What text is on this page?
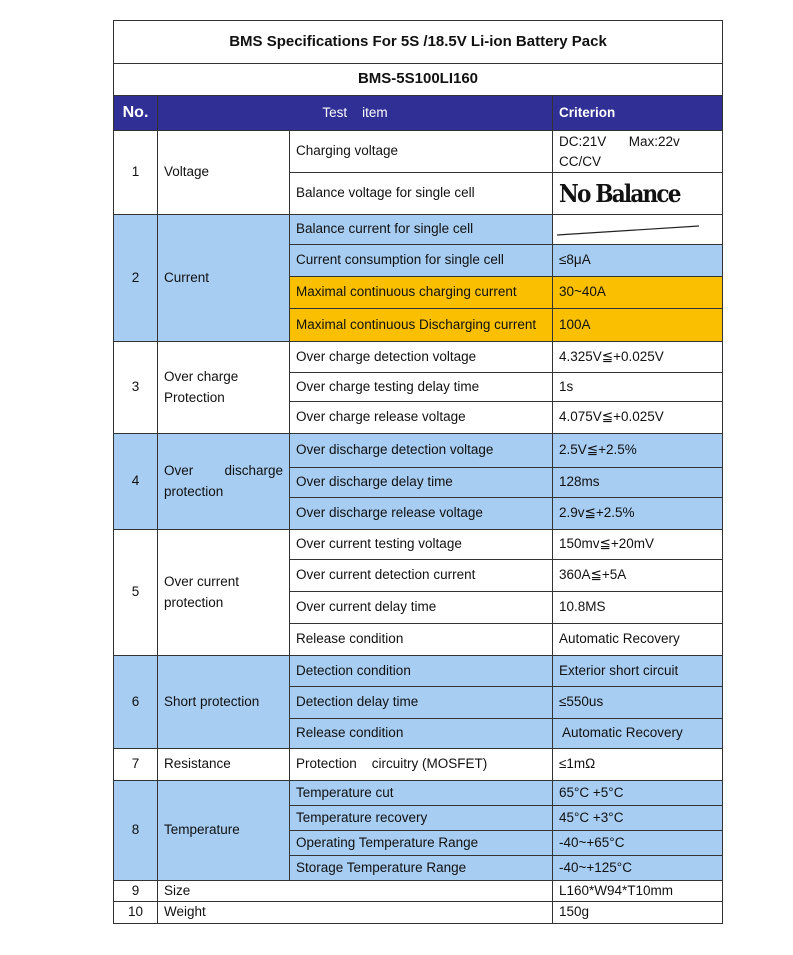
BMS Specifications For 5S /18.5V Li-ion Battery Pack			
BMS-5S100LI160			
No.	Test    item		Criterion
1	Voltage	Charging voltage	DC:21V      Max:22v
CC/CV
		Balance voltage for single cell	No Balance
2	Current	Balance current for single cell	

		Current consumption for single cell	≤8μA
		Maximal continuous charging current	30~40A
		Maximal continuous Discharging current	100A
3	Over charge Protection	Over charge detection voltage	4.325V≦+0.025V
		Over charge testing delay time	1s
		Over charge release voltage	4.075V≦+0.025V
4	Over discharge protection	Over discharge detection voltage	2.5V≦+2.5%
		Over discharge delay time	128ms
		Over discharge release voltage	2.9v≦+2.5%
5	Over current protection	Over current testing voltage	150mv≦+20mV
		Over current detection current	360A≦+5A
		Over current delay time	10.8MS
		Release condition	Automatic Recovery
6	Short protection	Detection condition	Exterior short circuit
		Detection delay time	≤550us
		Release condition	Automatic Recovery
7	Resistance	Protection    circuitry (MOSFET)	≤1mΩ
8	Temperature	Temperature cut	65°C +5°C
		Temperature recovery	45°C +3°C
		Operating Temperature Range	-40~+65°C
		Storage Temperature Range	-40~+125°C
9	Size		L160*W94*T10mm
10	Weight		150g
